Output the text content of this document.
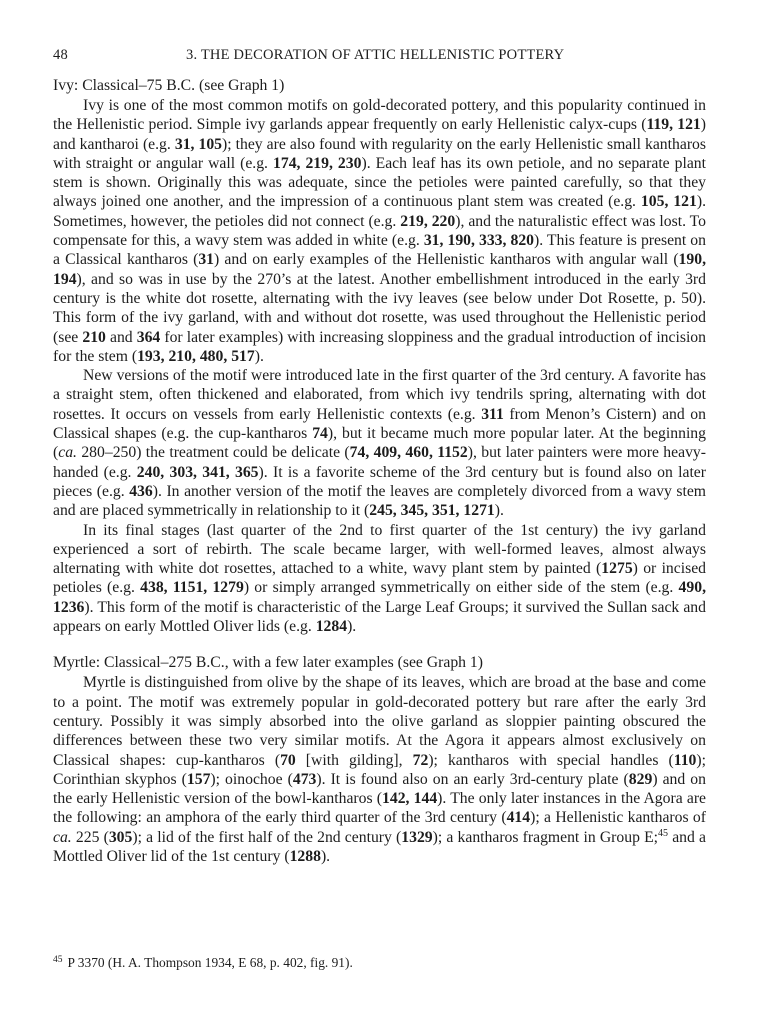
48	3. THE DECORATION OF ATTIC HELLENISTIC POTTERY
Ivy: Classical–75 B.C. (see Graph 1)

Ivy is one of the most common motifs on gold-decorated pottery, and this popularity continued in the Hellenistic period. Simple ivy garlands appear frequently on early Hellenistic calyx-cups (119, 121) and kantharoi (e.g. 31, 105); they are also found with regularity on the early Hellenistic small kantharos with straight or angular wall (e.g. 174, 219, 230). Each leaf has its own petiole, and no separate plant stem is shown. Originally this was adequate, since the petioles were painted carefully, so that they always joined one another, and the impression of a continuous plant stem was created (e.g. 105, 121). Sometimes, however, the petioles did not connect (e.g. 219, 220), and the naturalistic effect was lost. To compensate for this, a wavy stem was added in white (e.g. 31, 190, 333, 820). This feature is present on a Classical kantharos (31) and on early examples of the Hellenistic kantharos with angular wall (190, 194), and so was in use by the 270’s at the latest. Another embellishment introduced in the early 3rd century is the white dot rosette, alternating with the ivy leaves (see below under Dot Rosette, p. 50). This form of the ivy garland, with and without dot rosette, was used throughout the Hellenistic period (see 210 and 364 for later examples) with increasing sloppiness and the gradual introduction of incision for the stem (193, 210, 480, 517).

New versions of the motif were introduced late in the first quarter of the 3rd century. A favorite has a straight stem, often thickened and elaborated, from which ivy tendrils spring, alternating with dot rosettes. It occurs on vessels from early Hellenistic contexts (e.g. 311 from Menon’s Cistern) and on Classical shapes (e.g. the cup-kantharos 74), but it became much more popular later. At the beginning (ca. 280–250) the treatment could be delicate (74, 409, 460, 1152), but later painters were more heavy-handed (e.g. 240, 303, 341, 365). It is a favorite scheme of the 3rd century but is found also on later pieces (e.g. 436). In another version of the motif the leaves are completely divorced from a wavy stem and are placed symmetrically in relationship to it (245, 345, 351, 1271).

In its final stages (last quarter of the 2nd to first quarter of the 1st century) the ivy garland experienced a sort of rebirth. The scale became larger, with well-formed leaves, almost always alternating with white dot rosettes, attached to a white, wavy plant stem by painted (1275) or incised petioles (e.g. 438, 1151, 1279) or simply arranged symmetrically on either side of the stem (e.g. 490, 1236). This form of the motif is characteristic of the Large Leaf Groups; it survived the Sullan sack and appears on early Mottled Oliver lids (e.g. 1284).

Myrtle: Classical–275 B.C., with a few later examples (see Graph 1)

Myrtle is distinguished from olive by the shape of its leaves, which are broad at the base and come to a point. The motif was extremely popular in gold-decorated pottery but rare after the early 3rd century. Possibly it was simply absorbed into the olive garland as sloppier painting obscured the differences between these two very similar motifs. At the Agora it appears almost exclusively on Classical shapes: cup-kantharos (70 [with gilding], 72); kantharos with special handles (110); Corinthian skyphos (157); oinochoe (473). It is found also on an early 3rd-century plate (829) and on the early Hellenistic version of the bowl-kantharos (142, 144). The only later instances in the Agora are the following: an amphora of the early third quarter of the 3rd century (414); a Hellenistic kantharos of ca. 225 (305); a lid of the first half of the 2nd century (1329); a kantharos fragment in Group E;$^{45}$ and a Mottled Oliver lid of the 1st century (1288).

$^{45}$ P 3370 (H. A. Thompson 1934, E 68, p. 402, fig. 91).
